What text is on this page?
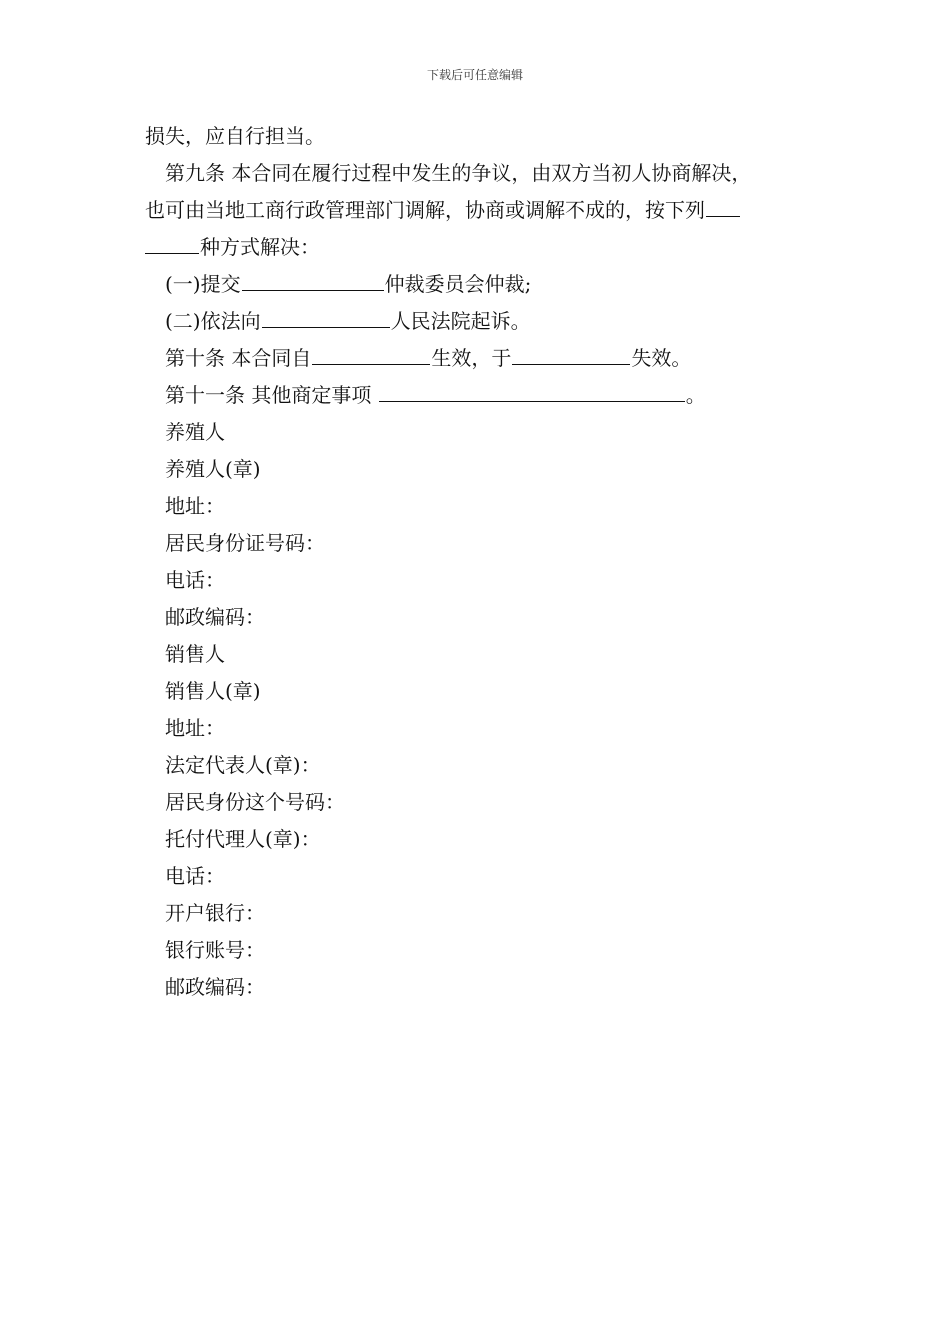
下载后可任意编辑
损失，应自行担当。
第九条 本合同在履行过程中发生的争议，由双方当初人协商解决，
也可由当地工商行政管理部门调解，协商或调解不成的，按下列
种方式解决：
(一)提交	仲裁委员会仲裁;
(二)依法向	人民法院起诉。
第十条 本合同自	生效，于	失效。
第十一条 其他商定事项	。
养殖人
养殖人(章)
地址：
居民身份证号码：
电话：
邮政编码：
销售人
销售人(章)
地址：
法定代表人(章)：
居民身份这个号码：
托付代理人(章)：
电话：
开户银行：
银行账号：
邮政编码：
